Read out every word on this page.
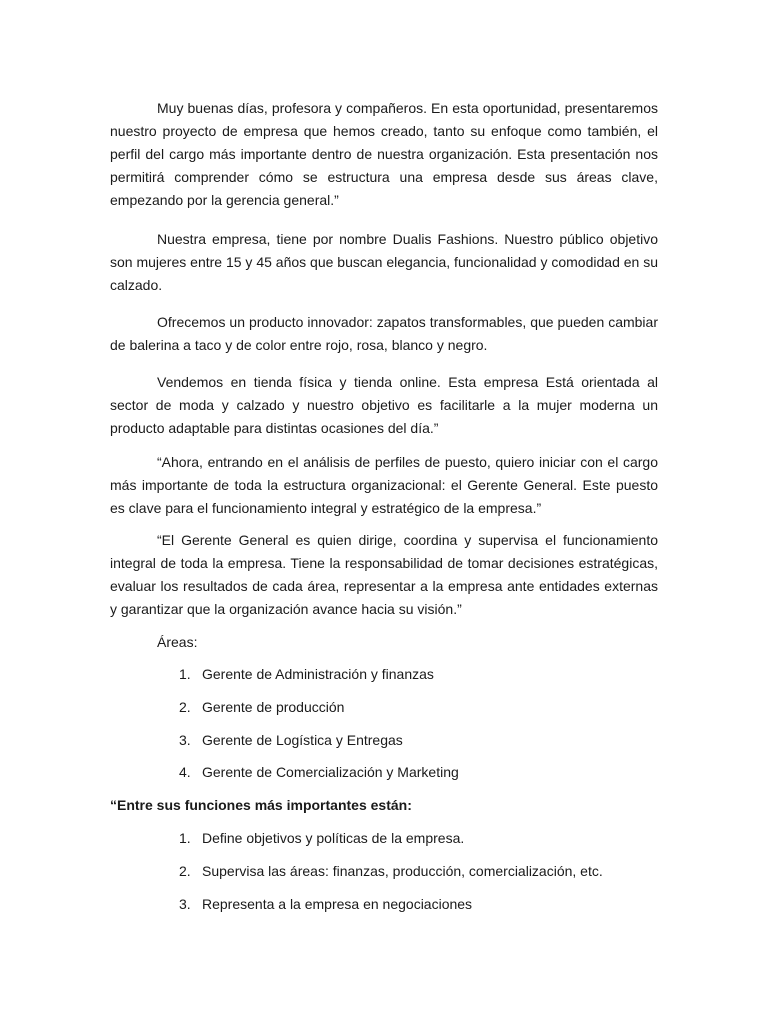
Muy buenas días, profesora y compañeros. En esta oportunidad, presentaremos nuestro proyecto de empresa que hemos creado, tanto su enfoque como también, el perfil del cargo más importante dentro de nuestra organización. Esta presentación nos permitirá comprender cómo se estructura una empresa desde sus áreas clave, empezando por la gerencia general.”

Nuestra empresa, tiene por nombre Dualis Fashions. Nuestro público objetivo son mujeres entre 15 y 45 años que buscan elegancia, funcionalidad y comodidad en su calzado.

Ofrecemos un producto innovador: zapatos transformables, que pueden cambiar de balerina a taco y de color entre rojo, rosa, blanco y negro.

Vendemos en tienda física y tienda online. Esta empresa Está orientada al sector de moda y calzado y nuestro objetivo es facilitarle a la mujer moderna un producto adaptable para distintas ocasiones del día.”

“Ahora, entrando en el análisis de perfiles de puesto, quiero iniciar con el cargo más importante de toda la estructura organizacional: el Gerente General. Este puesto es clave para el funcionamiento integral y estratégico de la empresa.”

“El Gerente General es quien dirige, coordina y supervisa el funcionamiento integral de toda la empresa. Tiene la responsabilidad de tomar decisiones estratégicas, evaluar los resultados de cada área, representar a la empresa ante entidades externas y garantizar que la organización avance hacia su visión.”

Áreas:

1. Gerente de Administración y finanzas

2. Gerente de producción

3. Gerente de Logística y Entregas

4. Gerente de Comercialización y Marketing

“Entre sus funciones más importantes están:

1. Define objetivos y políticas de la empresa.

2. Supervisa las áreas: finanzas, producción, comercialización, etc.

3. Representa a la empresa en negociaciones
